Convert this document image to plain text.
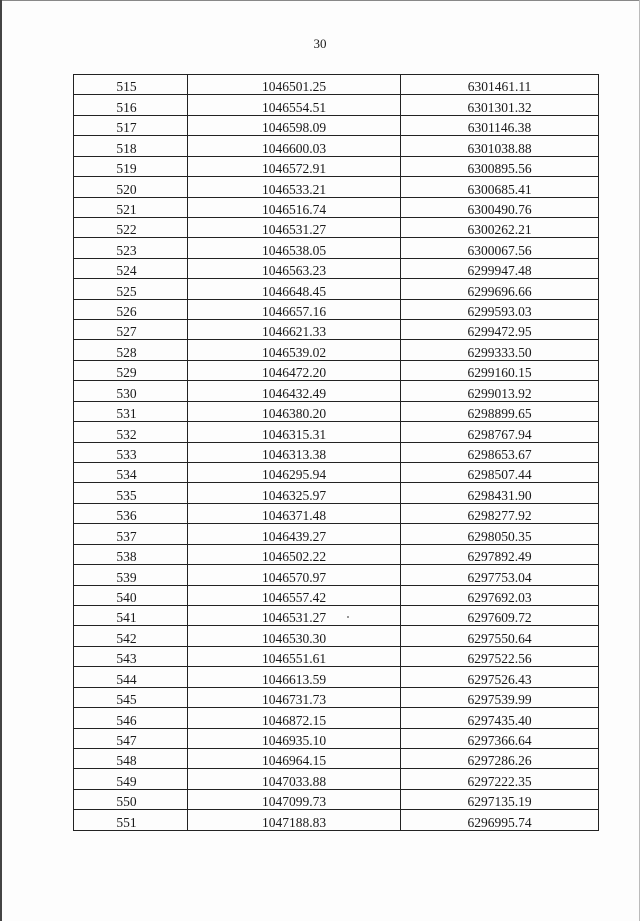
30
515	1046501.25	6301461.11
516	1046554.51	6301301.32
517	1046598.09	6301146.38
518	1046600.03	6301038.88
519	1046572.91	6300895.56
520	1046533.21	6300685.41
521	1046516.74	6300490.76
522	1046531.27	6300262.21
523	1046538.05	6300067.56
524	1046563.23	6299947.48
525	1046648.45	6299696.66
526	1046657.16	6299593.03
527	1046621.33	6299472.95
528	1046539.02	6299333.50
529	1046472.20	6299160.15
530	1046432.49	6299013.92
531	1046380.20	6298899.65
532	1046315.31	6298767.94
533	1046313.38	6298653.67
534	1046295.94	6298507.44
535	1046325.97	6298431.90
536	1046371.48	6298277.92
537	1046439.27	6298050.35
538	1046502.22	6297892.49
539	1046570.97	6297753.04
540	1046557.42	6297692.03
541	1046531.27	6297609.72
542	1046530.30	6297550.64
543	1046551.61	6297522.56
544	1046613.59	6297526.43
545	1046731.73	6297539.99
546	1046872.15	6297435.40
547	1046935.10	6297366.64
548	1046964.15	6297286.26
549	1047033.88	6297222.35
550	1047099.73	6297135.19
551	1047188.83	6296995.74
